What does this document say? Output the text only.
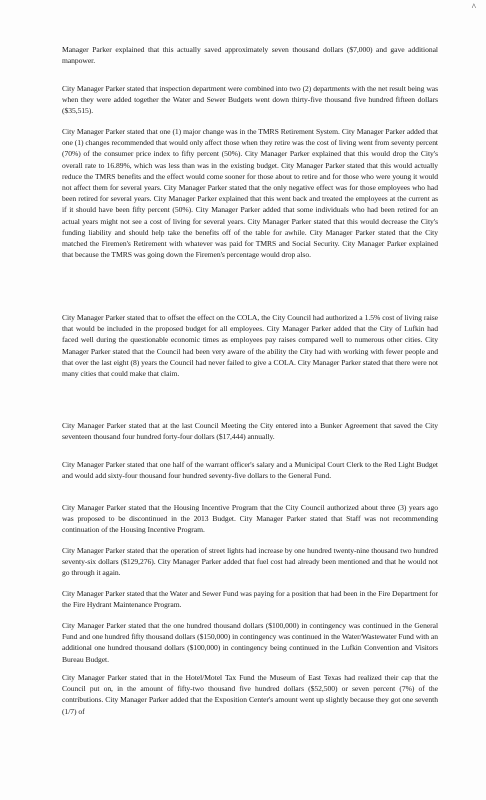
^
Manager Parker explained that this actually saved approximately seven thousand dollars ($7,000) and gave additional manpower.
City Manager Parker stated that inspection department were combined into two (2) departments with the net result being was when they were added together the Water and Sewer Budgets went down thirty-five thousand five hundred fifteen dollars ($35,515).
City Manager Parker stated that one (1) major change was in the TMRS Retirement System. City Manager Parker added that one (1) changes recommended that would only affect those when they retire was the cost of living went from seventy percent (70%) of the consumer price index to fifty percent (50%). City Manager Parker explained that this would drop the City's overall rate to 16.89%, which was less than was in the existing budget. City Manager Parker stated that this would actually reduce the TMRS benefits and the effect would come sooner for those about to retire and for those who were young it would not affect them for several years. City Manager Parker stated that the only negative effect was for those employees who had been retired for several years. City Manager Parker explained that this went back and treated the employees at the current as if it should have been fifty percent (50%). City Manager Parker added that some individuals who had been retired for an actual years might not see a cost of living for several years. City Manager Parker stated that this would decrease the City's funding liability and should help take the benefits off of the table for awhile. City Manager Parker stated that the City matched the Firemen's Retirement with whatever was paid for TMRS and Social Security. City Manager Parker explained that because the TMRS was going down the Firemen's percentage would drop also.
City Manager Parker stated that to offset the effect on the COLA, the City Council had authorized a 1.5% cost of living raise that would be included in the proposed budget for all employees. City Manager Parker added that the City of Lufkin had faced well during the questionable economic times as employees pay raises compared well to numerous other cities. City Manager Parker stated that the Council had been very aware of the ability the City had with working with fewer people and that over the last eight (8) years the Council had never failed to give a COLA. City Manager Parker stated that there were not many cities that could make that claim.
City Manager Parker stated that at the last Council Meeting the City entered into a Bunker Agreement that saved the City seventeen thousand four hundred forty-four dollars ($17,444) annually.
City Manager Parker stated that one half of the warrant officer's salary and a Municipal Court Clerk to the Red Light Budget and would add sixty-four thousand four hundred seventy-five dollars to the General Fund.
City Manager Parker stated that the Housing Incentive Program that the City Council authorized about three (3) years ago was proposed to be discontinued in the 2013 Budget. City Manager Parker stated that Staff was not recommending continuation of the Housing Incentive Program.
City Manager Parker stated that the operation of street lights had increase by one hundred twenty-nine thousand two hundred seventy-six dollars ($129,276). City Manager Parker added that fuel cost had already been mentioned and that he would not go through it again.
City Manager Parker stated that the Water and Sewer Fund was paying for a position that had been in the Fire Department for the Fire Hydrant Maintenance Program.
City Manager Parker stated that the one hundred thousand dollars ($100,000) in contingency was continued in the General Fund and one hundred fifty thousand dollars ($150,000) in contingency was continued in the Water/Wastewater Fund with an additional one hundred thousand dollars ($100,000) in contingency being continued in the Lufkin Convention and Visitors Bureau Budget.
City Manager Parker stated that in the Hotel/Motel Tax Fund the Museum of East Texas had realized their cap that the Council put on, in the amount of fifty-two thousand five hundred dollars ($52,500) or seven percent (7%) of the contributions. City Manager Parker added that the Exposition Center's amount went up slightly because they got one seventh (1/7) of
